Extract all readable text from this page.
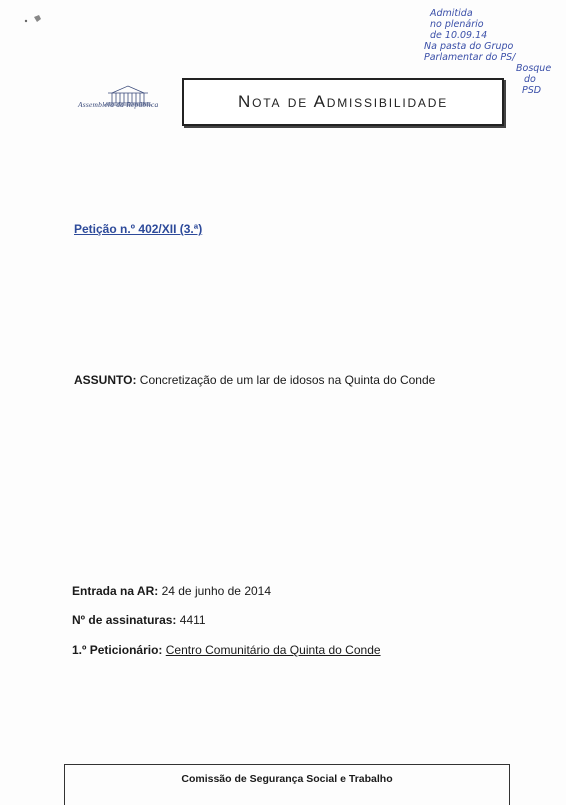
Assembleia da República	Nota de Admissibilidade
Admitida
no plenário
de 10.09.14
Na pasta do Grupo
Parlamentar do PS/
Bosque
do
PSD
Petição n.º 402/XII (3.ª)
ASSUNTO: Concretização de um lar de idosos na Quinta do Conde
Entrada na AR: 24 de junho de 2014
Nº de assinaturas: 4411
1.º Peticionário: Centro Comunitário da Quinta do Conde
Comissão de Segurança Social e Trabalho
